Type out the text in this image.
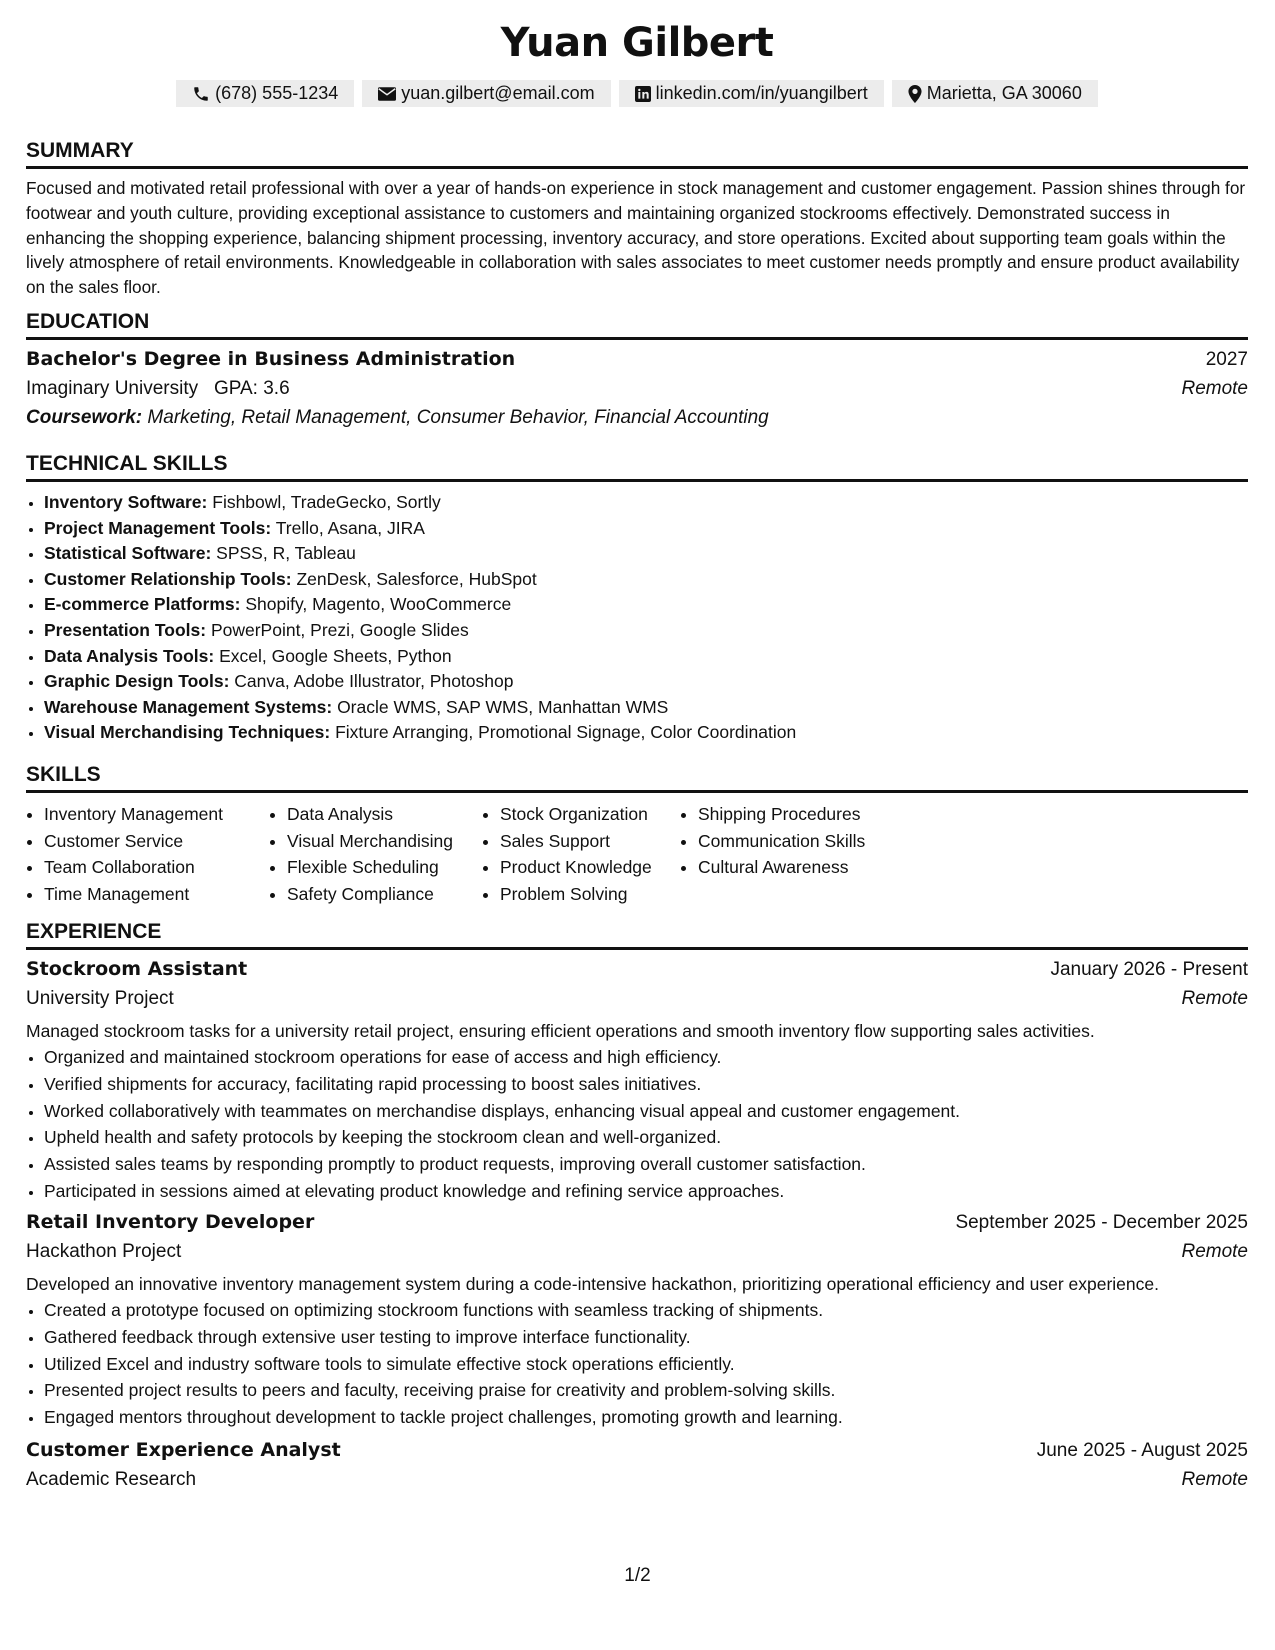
Yuan Gilbert
(678) 555-1234	yuan.gilbert@email.com	linkedin.com/in/yuangilbert	Marietta, GA 30060
SUMMARY
Focused and motivated retail professional with over a year of hands-on experience in stock management and customer engagement. Passion shines through for footwear and youth culture, providing exceptional assistance to customers and maintaining organized stockrooms effectively. Demonstrated success in enhancing the shopping experience, balancing shipment processing, inventory accuracy, and store operations. Excited about supporting team goals within the lively atmosphere of retail environments. Knowledgeable in collaboration with sales associates to meet customer needs promptly and ensure product availability on the sales floor.
EDUCATION
Bachelor's Degree in Business Administration	2027
Imaginary University GPA: 3.6	Remote
Coursework: Marketing, Retail Management, Consumer Behavior, Financial Accounting
TECHNICAL SKILLS
• Inventory Software: Fishbowl, TradeGecko, Sortly
• Project Management Tools: Trello, Asana, JIRA
• Statistical Software: SPSS, R, Tableau
• Customer Relationship Tools: ZenDesk, Salesforce, HubSpot
• E-commerce Platforms: Shopify, Magento, WooCommerce
• Presentation Tools: PowerPoint, Prezi, Google Slides
• Data Analysis Tools: Excel, Google Sheets, Python
• Graphic Design Tools: Canva, Adobe Illustrator, Photoshop
• Warehouse Management Systems: Oracle WMS, SAP WMS, Manhattan WMS
• Visual Merchandising Techniques: Fixture Arranging, Promotional Signage, Color Coordination
SKILLS
• Inventory Management
• Customer Service
• Team Collaboration
• Time Management
• Data Analysis
• Visual Merchandising
• Flexible Scheduling
• Safety Compliance
• Stock Organization
• Sales Support
• Product Knowledge
• Problem Solving
• Shipping Procedures
• Communication Skills
• Cultural Awareness
EXPERIENCE
Stockroom Assistant	January 2026 - Present
University Project	Remote
Managed stockroom tasks for a university retail project, ensuring efficient operations and smooth inventory flow supporting sales activities.
• Organized and maintained stockroom operations for ease of access and high efficiency.
• Verified shipments for accuracy, facilitating rapid processing to boost sales initiatives.
• Worked collaboratively with teammates on merchandise displays, enhancing visual appeal and customer engagement.
• Upheld health and safety protocols by keeping the stockroom clean and well-organized.
• Assisted sales teams by responding promptly to product requests, improving overall customer satisfaction.
• Participated in sessions aimed at elevating product knowledge and refining service approaches.
Retail Inventory Developer	September 2025 - December 2025
Hackathon Project	Remote
Developed an innovative inventory management system during a code-intensive hackathon, prioritizing operational efficiency and user experience.
• Created a prototype focused on optimizing stockroom functions with seamless tracking of shipments.
• Gathered feedback through extensive user testing to improve interface functionality.
• Utilized Excel and industry software tools to simulate effective stock operations efficiently.
• Presented project results to peers and faculty, receiving praise for creativity and problem-solving skills.
• Engaged mentors throughout development to tackle project challenges, promoting growth and learning.
Customer Experience Analyst	June 2025 - August 2025
Academic Research	Remote
1/2
